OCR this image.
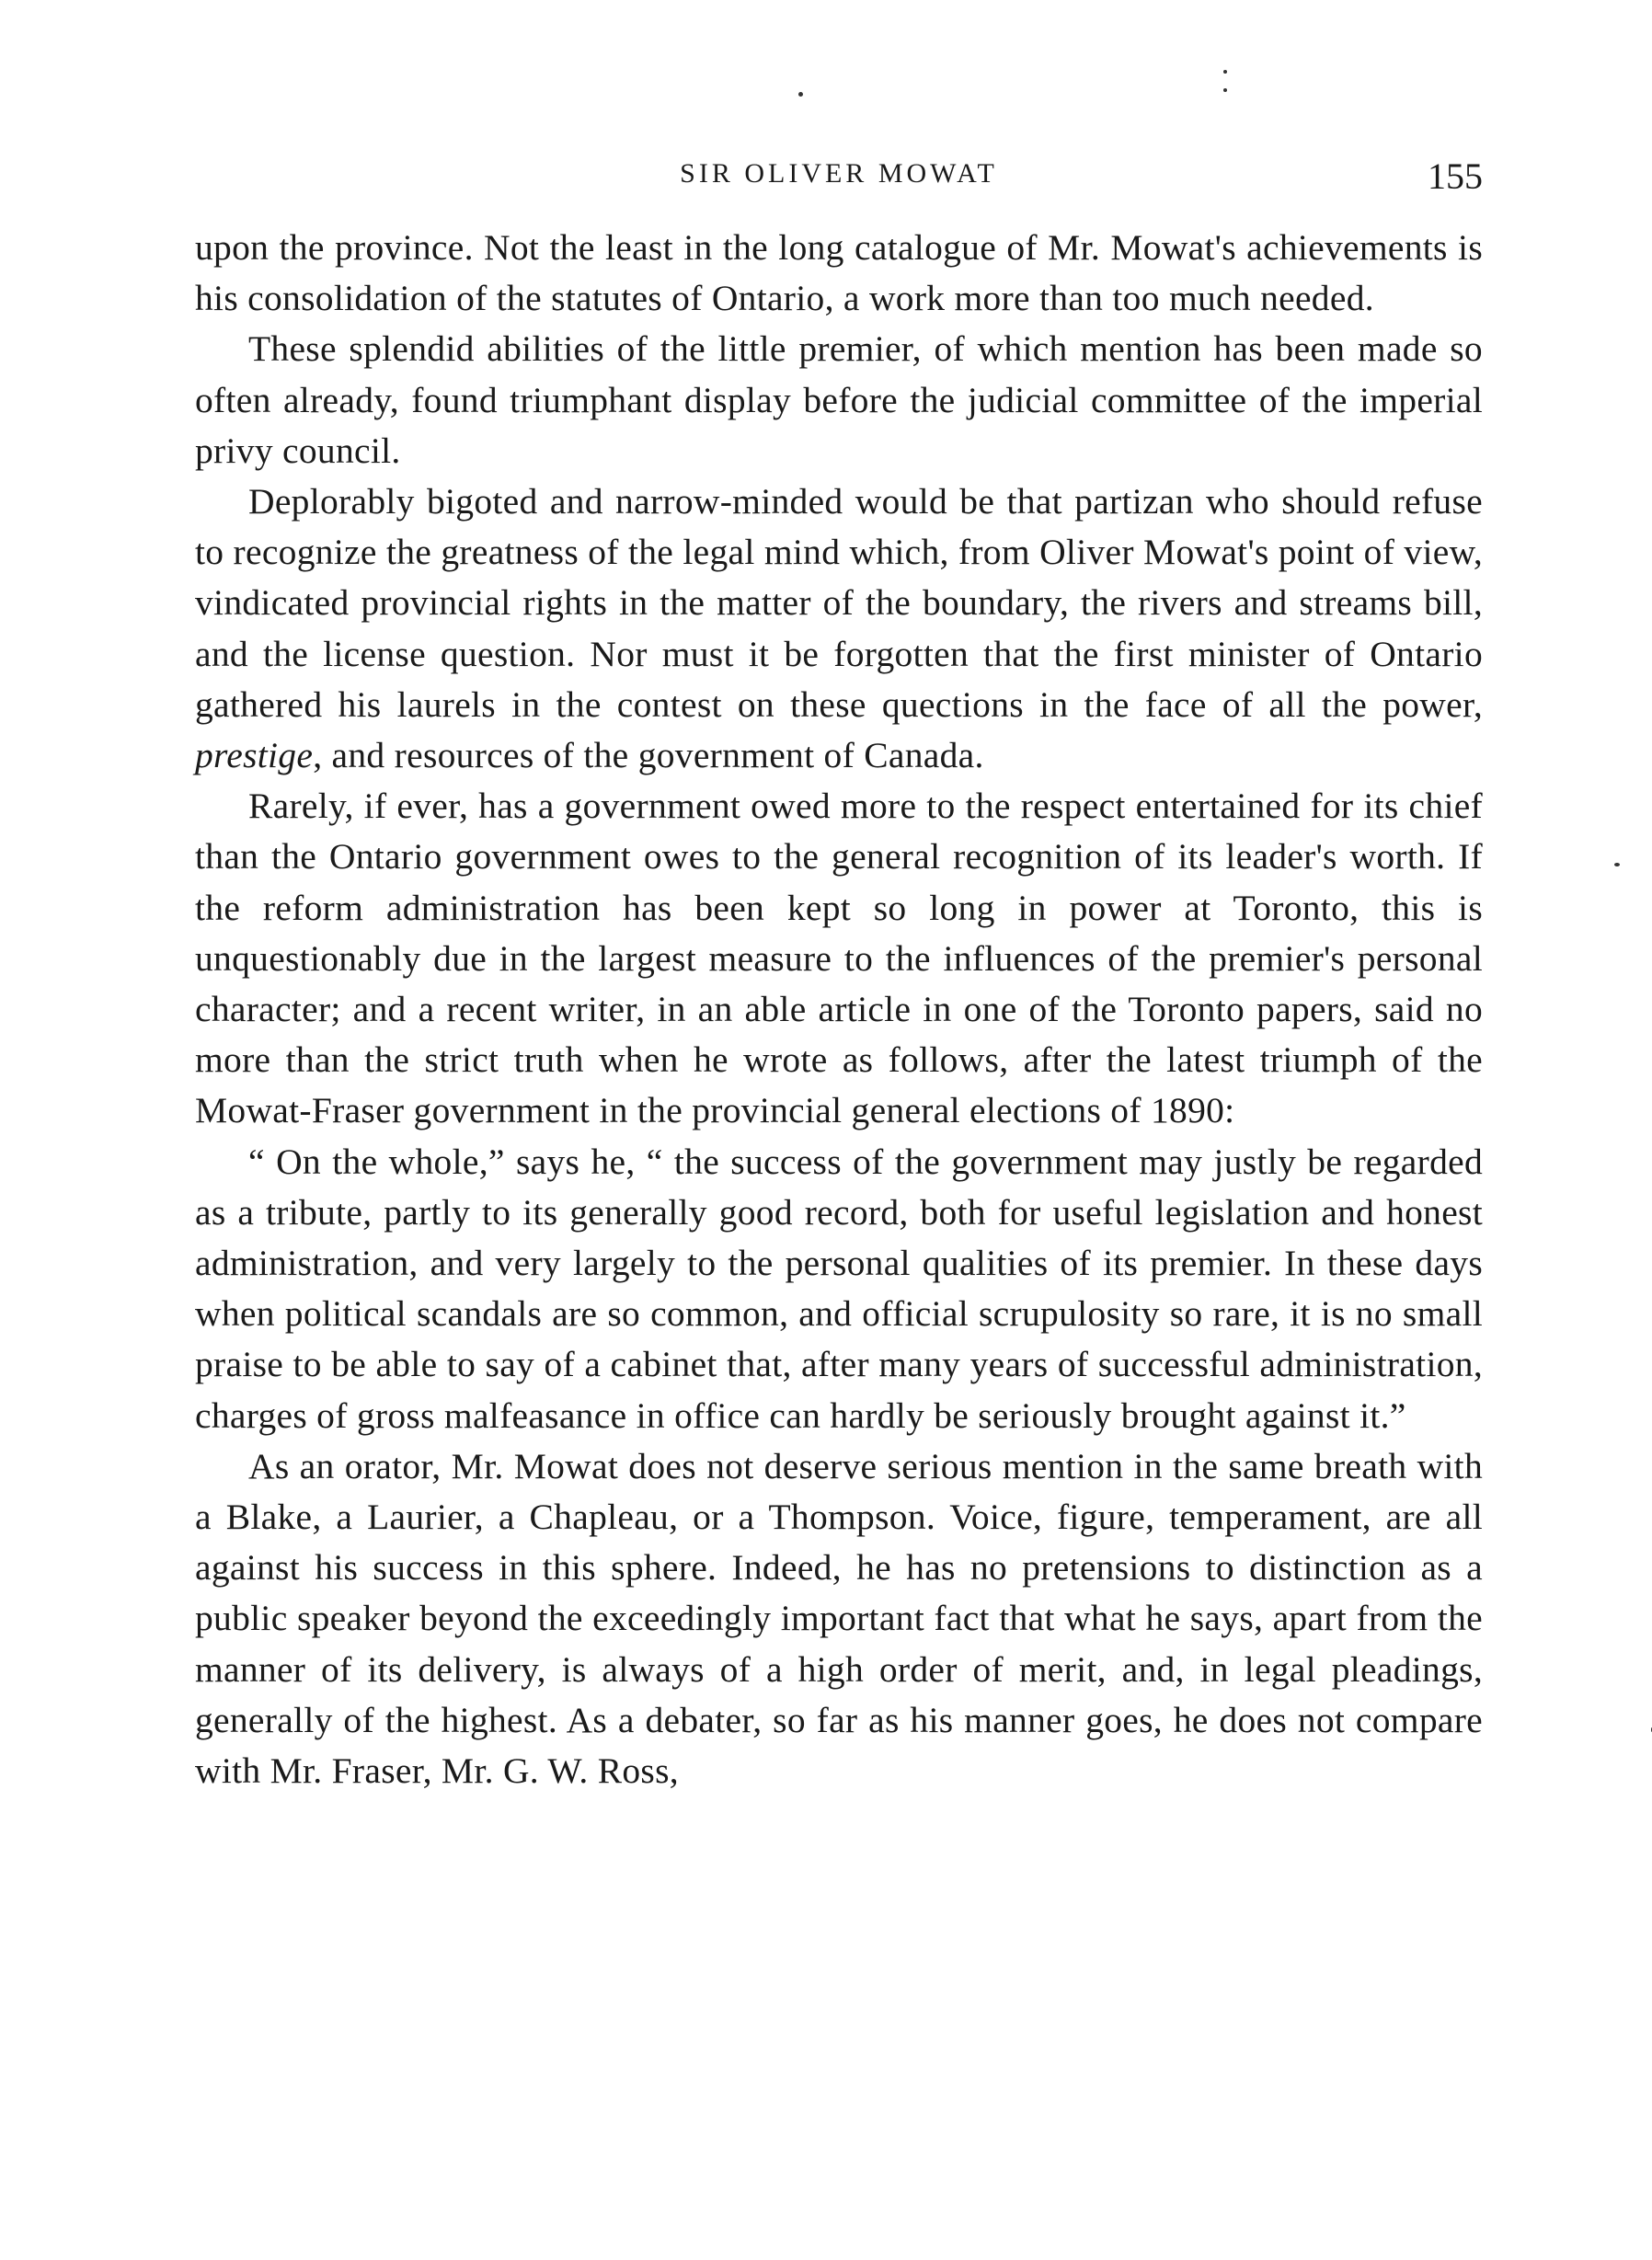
SIR OLIVER MOWAT	155

upon the province. Not the least in the long catalogue of Mr. Mowat's achievements is his consolidation of the statutes of Ontario, a work more than too much needed.

These splendid abilities of the little premier, of which mention has been made so often already, found triumphant display before the judicial committee of the imperial privy council.

Deplorably bigoted and narrow-minded would be that partizan who should refuse to recognize the greatness of the legal mind which, from Oliver Mowat's point of view, vindicated provincial rights in the matter of the boundary, the rivers and streams bill, and the license question. Nor must it be forgotten that the first minister of Ontario gathered his laurels in the contest on these quections in the face of all the power, prestige, and resources of the government of Canada.

Rarely, if ever, has a government owed more to the respect entertained for its chief than the Ontario government owes to the general recognition of its leader's worth. If the reform administration has been kept so long in power at Toronto, this is unquestionably due in the largest measure to the influences of the premier's personal character; and a recent writer, in an able article in one of the Toronto papers, said no more than the strict truth when he wrote as follows, after the latest triumph of the Mowat-Fraser government in the provincial general elections of 1890:

“ On the whole,” says he, “ the success of the government may justly be regarded as a tribute, partly to its generally good record, both for useful legislation and honest administration, and very largely to the personal qualities of its premier. In these days when political scandals are so common, and official scrupulosity so rare, it is no small praise to be able to say of a cabinet that, after many years of successful administration, charges of gross malfeasance in office can hardly be seriously brought against it.”

As an orator, Mr. Mowat does not deserve serious mention in the same breath with a Blake, a Laurier, a Chapleau, or a Thompson. Voice, figure, temperament, are all against his success in this sphere. Indeed, he has no pretensions to distinction as a public speaker beyond the exceedingly important fact that what he says, apart from the manner of its delivery, is always of a high order of merit, and, in legal pleadings, generally of the highest. As a debater, so far as his manner goes, he does not compare with Mr. Fraser, Mr. G. W. Ross,
